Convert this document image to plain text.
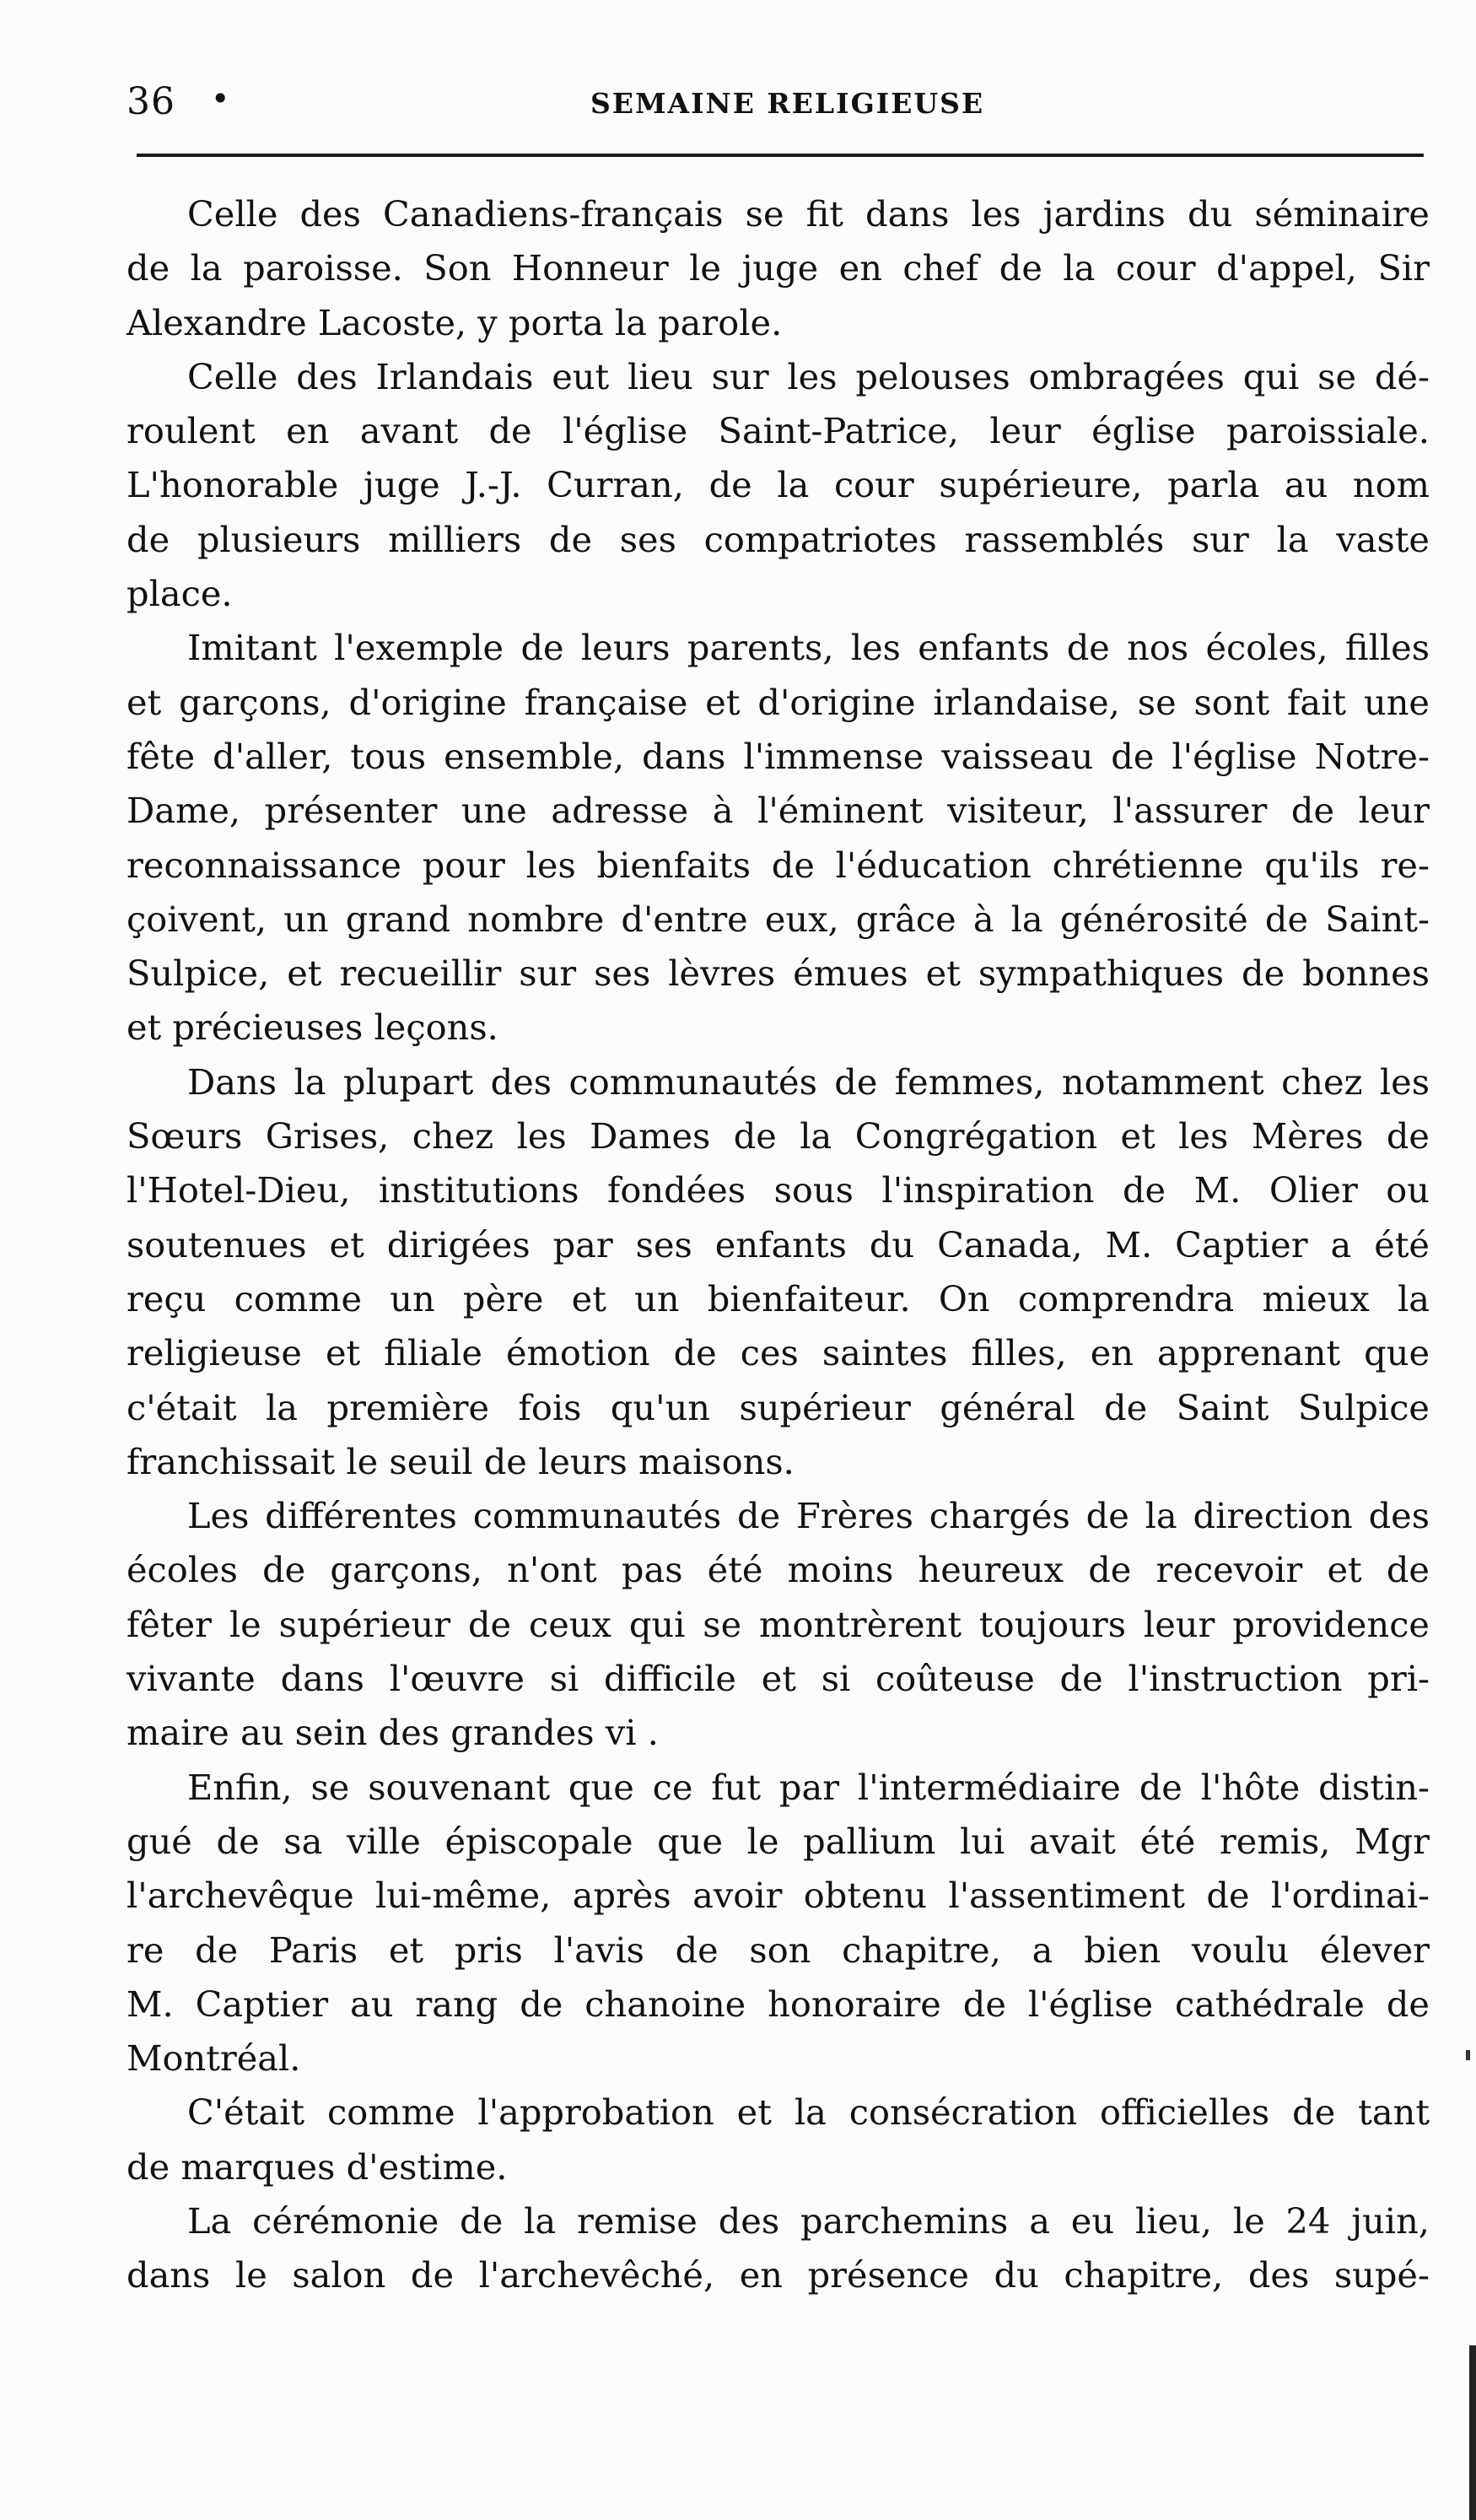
36 •	SEMAINE RELIGIEUSE
Celle des Canadiens-français se fit dans les jardins du séminaire
de la paroisse. Son Honneur le juge en chef de la cour d'appel, Sir
Alexandre Lacoste, y porta la parole.
Celle des Irlandais eut lieu sur les pelouses ombragées qui se dé-
roulent en avant de l'église Saint-Patrice, leur église paroissiale.
L'honorable juge J.-J. Curran, de la cour supérieure, parla au nom
de plusieurs milliers de ses compatriotes rassemblés sur la vaste
place.
Imitant l'exemple de leurs parents, les enfants de nos écoles, filles
et garçons, d'origine française et d'origine irlandaise, se sont fait une
fête d'aller, tous ensemble, dans l'immense vaisseau de l'église Notre-
Dame, présenter une adresse à l'éminent visiteur, l'assurer de leur
reconnaissance pour les bienfaits de l'éducation chrétienne qu'ils re-
çoivent, un grand nombre d'entre eux, grâce à la générosité de Saint-
Sulpice, et recueillir sur ses lèvres émues et sympathiques de bonnes
et précieuses leçons.
Dans la plupart des communautés de femmes, notamment chez les
Sœurs Grises, chez les Dames de la Congrégation et les Mères de
l'Hotel-Dieu, institutions fondées sous l'inspiration de M. Olier ou
soutenues et dirigées par ses enfants du Canada, M. Captier a été
reçu comme un père et un bienfaiteur. On comprendra mieux la
religieuse et filiale émotion de ces saintes filles, en apprenant que
c'était la première fois qu'un supérieur général de Saint Sulpice
franchissait le seuil de leurs maisons.
Les différentes communautés de Frères chargés de la direction des
écoles de garçons, n'ont pas été moins heureux de recevoir et de
fêter le supérieur de ceux qui se montrèrent toujours leur providence
vivante dans l'œuvre si difficile et si coûteuse de l'instruction pri-
maire au sein des grandes vi .
Enfin, se souvenant que ce fut par l'intermédiaire de l'hôte distin-
gué de sa ville épiscopale que le pallium lui avait été remis, Mgr
l'archevêque lui-même, après avoir obtenu l'assentiment de l'ordinai-
re de Paris et pris l'avis de son chapitre, a bien voulu élever
M. Captier au rang de chanoine honoraire de l'église cathédrale de
Montréal.
C'était comme l'approbation et la consécration officielles de tant
de marques d'estime.
La cérémonie de la remise des parchemins a eu lieu, le 24 juin,
dans le salon de l'archevêché, en présence du chapitre, des supé-
